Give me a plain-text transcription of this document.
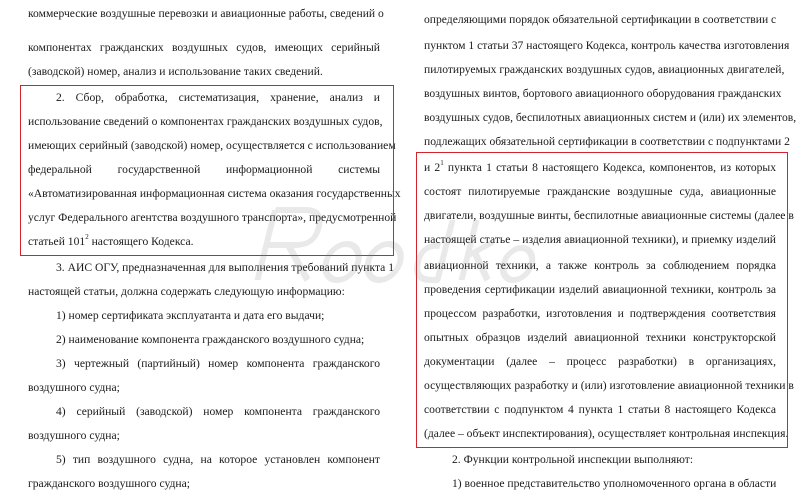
коммерческие воздушные перевозки и авиационные работы, сведений о
компонентах гражданских воздушных судов, имеющих серийный
(заводской) номер, анализ и использование таких сведений.
2. Сбор, обработка, систематизация, хранение, анализ и
использование сведений о компонентах гражданских воздушных судов,
имеющих серийный (заводской) номер, осуществляется с использованием
федеральной государственной информационной системы
«Автоматизированная информационная система оказания государственных
услуг Федерального агентства воздушного транспорта», предусмотренной
статьей $101^2$ настоящего Кодекса.
3. АИС ОГУ, предназначенная для выполнения требований пункта 1
настоящей статьи, должна содержать следующую информацию:
1) номер сертификата эксплуатанта и дата его выдачи;
2) наименование компонента гражданского воздушного судна;
3) чертежный (партийный) номер компонента гражданского
воздушного судна;
4) серийный (заводской) номер компонента гражданского
воздушного судна;
5) тип воздушного судна, на которое установлен компонент
гражданского воздушного судна;
определяющими порядок обязательной сертификации в соответствии с
пунктом 1 статьи 37 настоящего Кодекса, контроль качества изготовления
пилотируемых гражданских воздушных судов, авиационных двигателей,
воздушных винтов, бортового авиационного оборудования гражданских
воздушных судов, беспилотных авиационных систем и (или) их элементов,
подлежащих обязательной сертификации в соответствии с подпунктами 2
и $2^1$ пункта 1 статьи 8 настоящего Кодекса, компонентов, из которых
состоят пилотируемые гражданские воздушные суда, авиационные
двигатели, воздушные винты, беспилотные авиационные системы (далее в
настоящей статье – изделия авиационной техники), и приемку изделий
авиационной техники, а также контроль за соблюдением порядка
проведения сертификации изделий авиационной техники, контроль за
процессом разработки, изготовления и подтверждения соответствия
опытных образцов изделий авиационной техники конструкторской
документации (далее – процесс разработки) в организациях,
осуществляющих разработку и (или) изготовление авиационной техники в
соответствии с подпунктом 4 пункта 1 статьи 8 настоящего Кодекса
(далее – объект инспектирования), осуществляет контрольная инспекция.
2. Функции контрольной инспекции выполняют:
1) военное представительство уполномоченного органа в области
